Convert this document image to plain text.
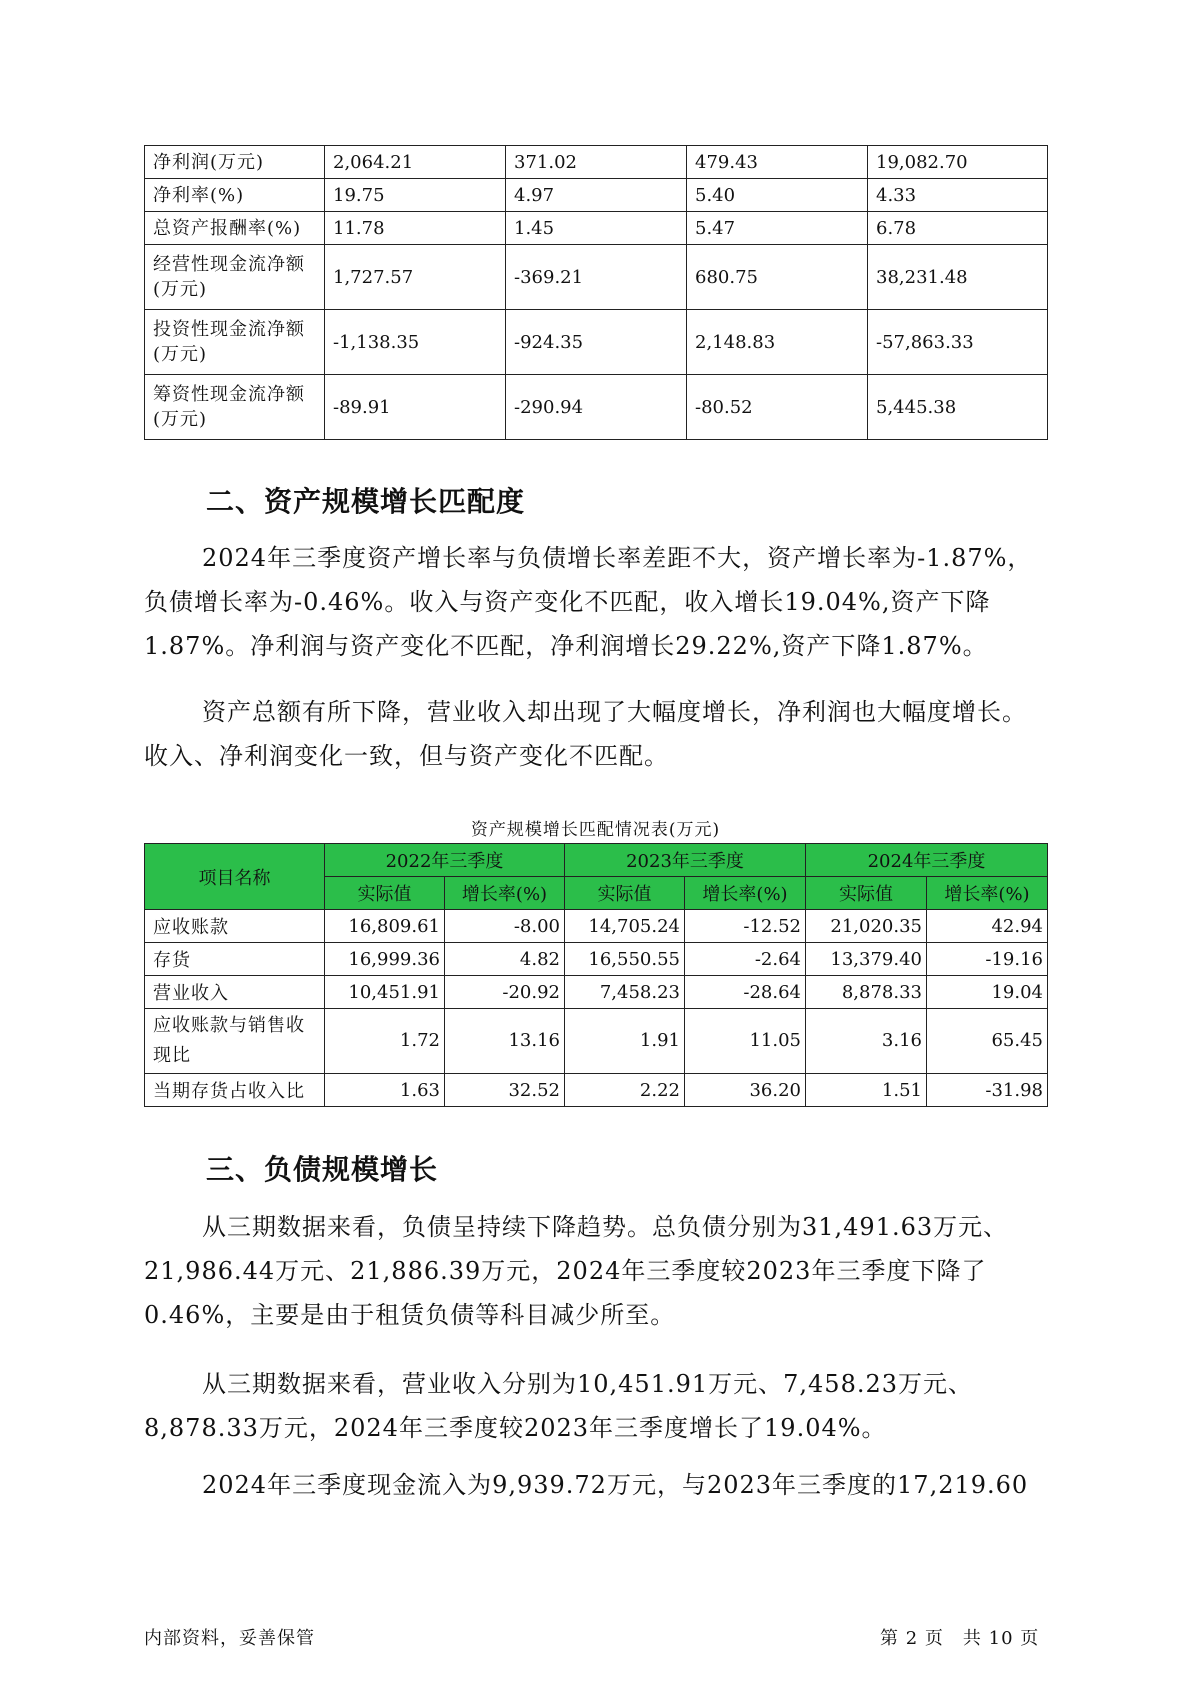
净利润(万元)	2,064.21	371.02	479.43	19,082.70
净利率(%)	19.75	4.97	5.40	4.33
总资产报酬率(%)	11.78	1.45	5.47	6.78
经营性现金流净额(万元)	1,727.57	-369.21	680.75	38,231.48
投资性现金流净额(万元)	-1,138.35	-924.35	2,148.83	-57,863.33
筹资性现金流净额(万元)	-89.91	-290.94	-80.52	5,445.38
二、资产规模增长匹配度

2024年三季度资产增长率与负债增长率差距不大，资产增长率为-1.87%，负债增长率为-0.46%。收入与资产变化不匹配，收入增长19.04%,资产下降1.87%。净利润与资产变化不匹配，净利润增长29.22%,资产下降1.87%。

资产总额有所下降，营业收入却出现了大幅度增长，净利润也大幅度增长。收入、净利润变化一致，但与资产变化不匹配。

资产规模增长匹配情况表(万元)
项目名称	2022年三季度		2023年三季度		2024年三季度	
	实际值	增长率(%)	实际值	增长率(%)	实际值	增长率(%)
应收账款	16,809.61	-8.00	14,705.24	-12.52	21,020.35	42.94
存货	16,999.36	4.82	16,550.55	-2.64	13,379.40	-19.16
营业收入	10,451.91	-20.92	7,458.23	-28.64	8,878.33	19.04
应收账款与销售收现比	1.72	13.16	1.91	11.05	3.16	65.45
当期存货占收入比	1.63	32.52	2.22	36.20	1.51	-31.98
三、负债规模增长

从三期数据来看，负债呈持续下降趋势。总负债分别为31,491.63万元、21,986.44万元、21,886.39万元，2024年三季度较2023年三季度下降了0.46%，主要是由于租赁负债等科目减少所至。

从三期数据来看，营业收入分别为10,451.91万元、7,458.23万元、8,878.33万元，2024年三季度较2023年三季度增长了19.04%。

2024年三季度现金流入为9,939.72万元，与2023年三季度的17,219.60

内部资料，妥善保管	第 2 页　共 10 页
